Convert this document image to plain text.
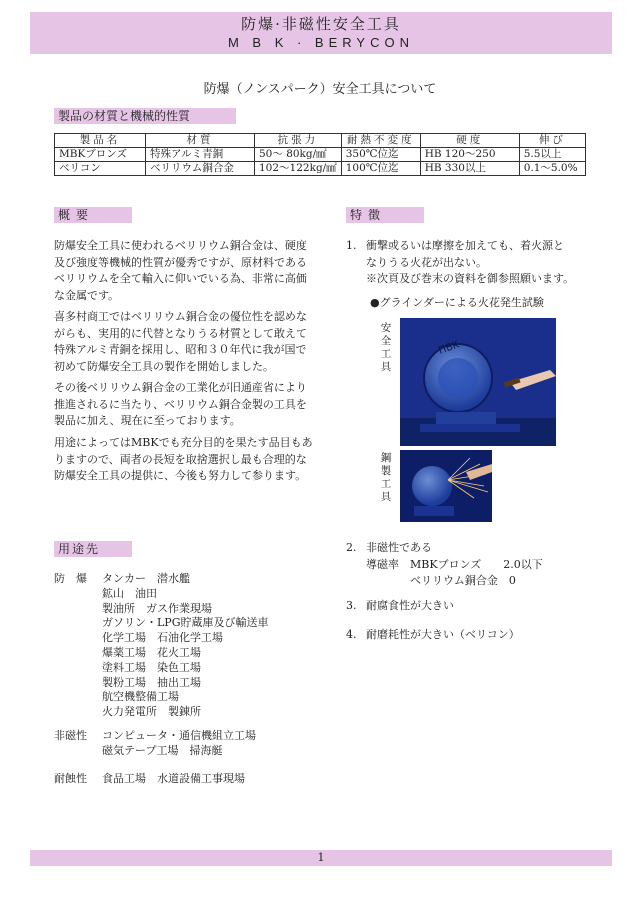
防爆·非磁性安全工具
M B K · BERYCON
防爆（ノンスパーク）安全工具について
製品の材質と機械的性質
製品名	材質	抗張力	耐熱不変度	硬度	伸び
MBKブロンズ	特殊アルミ青銅	50〜 80kg/㎟	350℃位迄	HB 120〜250	5.5以上
ベリコン	ベリリウム銅合金	102〜122kg/㎟	100℃位迄	HB 330以上	0.1〜5.0%
概要

防爆安全工具に使われるベリリウム銅合金は、硬度及び強度等機械的性質が優秀ですが、原材料であるベリリウムを全て輸入に仰いでいる為、非常に高価な金属です。

喜多村商工ではベリリウム銅合金の優位性を認めながらも、実用的に代替となりうる材質として敢えて特殊アルミ青銅を採用し、昭和３０年代に我が国で初めて防爆安全工具の製作を開始しました。

その後ベリリウム銅合金の工業化が旧通産省により推進されるに当たり、ベリリウム銅合金製の工具を製品に加え、現在に至っております。

用途によってはMBKでも充分目的を果たす品目もありますので、両者の長短を取捨選択し最も合理的な防爆安全工具の提供に、今後も努力して参ります。

特徴
1. 衝撃或るいは摩擦を加えても、着火源と
なりうる火花が出ない。
※次頁及び巻末の資料を御参照願います。
●グラインダーによる火花発生試験
安全工具
鋼製工具
ΠBK
2. 非磁性である
導磁率　MBKブロンズ　　2.0以下
　　　　ベリリウム銅合金　0
3. 耐腐食性が大きい
4. 耐磨耗性が大きい（ベリコン）
用途先
防　爆	タンカー　潜水艦
鉱山　油田
製油所　ガス作業現場
ガソリン・LPG貯蔵庫及び輸送車
化学工場　石油化学工場
爆薬工場　花火工場
塗料工場　染色工場
製粉工場　抽出工場
航空機整備工場
火力発電所　製錬所
非磁性	コンピュータ・通信機組立工場
磁気テープ工場　掃海艇
耐蝕性	食品工場　水道設備工事現場
1
